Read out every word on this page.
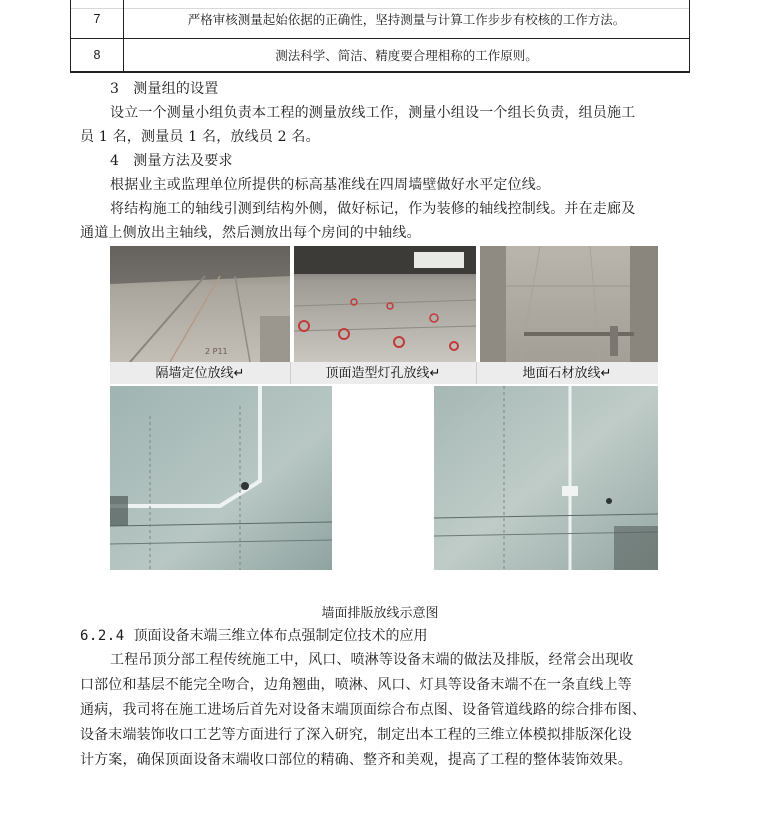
7	严格审核测量起始依据的正确性，坚持测量与计算工作步步有校核的工作方法。
8	测法科学、简洁、精度要合理相称的工作原则。
3　测量组的设置
设立一个测量小组负责本工程的测量放线工作，测量小组设一个组长负责，组员施工
员 1 名，测量员 1 名，放线员 2 名。
4　测量方法及要求
根据业主或监理单位所提供的标高基准线在四周墙壁做好水平定位线。
将结构施工的轴线引测到结构外侧，做好标记，作为装修的轴线控制线。并在走廊及
通道上侧放出主轴线，然后测放出每个房间的中轴线。
2 P11
隔墙定位放线↵	顶面造型灯孔放线↵	地面石材放线↵
墙面排版放线示意图
6.2.4 顶面设备末端三维立体布点强制定位技术的应用
工程吊顶分部工程传统施工中，风口、喷淋等设备末端的做法及排版，经常会出现收
口部位和基层不能完全吻合，边角翘曲，喷淋、风口、灯具等设备末端不在一条直线上等
通病，我司将在施工进场后首先对设备末端顶面综合布点图、设备管道线路的综合排布图、
设备末端装饰收口工艺等方面进行了深入研究，制定出本工程的三维立体模拟排版深化设
计方案，确保顶面设备末端收口部位的精确、整齐和美观，提高了工程的整体装饰效果。
